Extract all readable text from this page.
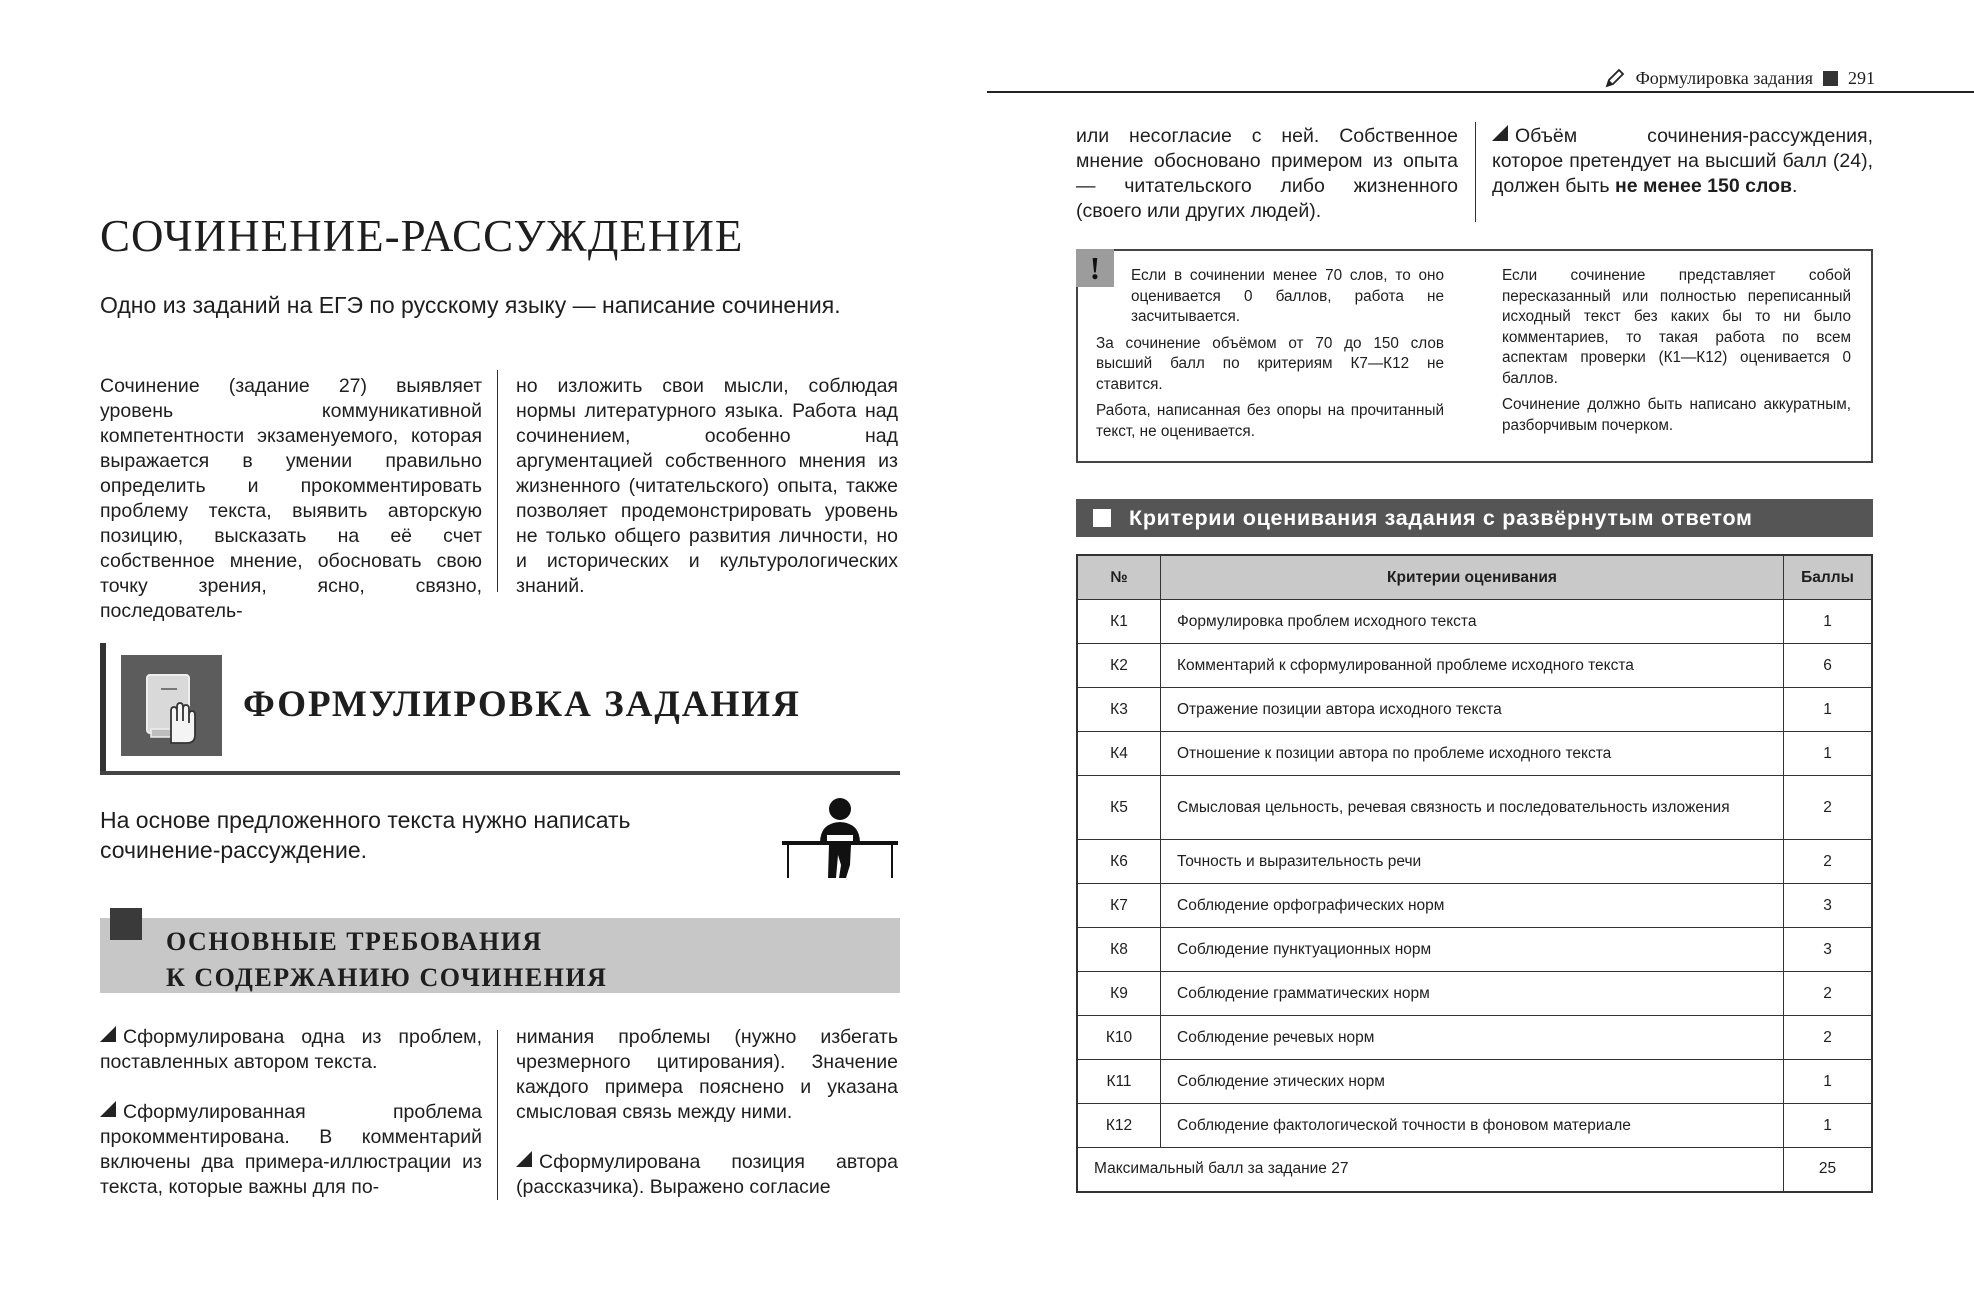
Формулировка задания 291
СОЧИНЕНИЕ-РАССУЖДЕНИЕ
Одно из заданий на ЕГЭ по русскому языку — написание сочинения.
Сочинение (задание 27) выявляет уровень коммуникативной компетентности экзаменуемого, которая выражается в умении правильно определить и прокомментировать проблему текста, выявить авторскую позицию, высказать на её счет собственное мнение, обосновать свою точку зрения, ясно, связно, последователь-
но изложить свои мысли, соблюдая нормы литературного языка. Работа над сочинением, особенно над аргументацией собственного мнения из жизненного (читательского) опыта, также позволяет продемонстрировать уровень не только общего развития личности, но и исторических и культурологических знаний.
ФОРМУЛИРОВКА ЗАДАНИЯ
На основе предложенного текста нужно написать сочинение-рассуждение.
ОСНОВНЫЕ ТРЕБОВАНИЯ
К СОДЕРЖАНИЮ СОЧИНЕНИЯ
Сформулирована одна из проблем, поставленных автором текста.
Сформулированная проблема прокомментирована. В комментарий включены два примера-иллюстрации из текста, которые важны для по-
нимания проблемы (нужно избегать чрезмерного цитирования). Значение каждого примера пояснено и указана смысловая связь между ними.
Сформулирована позиция автора (рассказчика). Выражено согласие
или несогласие с ней. Собственное мнение обосновано примером из опыта — читательского либо жизненного (своего или других людей).
Объём сочинения-рассуждения, которое претендует на высший балл (24), должен быть не менее 150 слов.
!	Если в сочинении менее 70 слов, то оно оценивается 0 баллов, работа не засчитывается.

За сочинение объёмом от 70 до 150 слов высший балл по критериям К7—К12 не ставится.

Работа, написанная без опоры на прочитанный текст, не оценивается.

Если сочинение представляет собой пересказанный или полностью переписанный исходный текст без каких бы то ни было комментариев, то такая работа по всем аспектам проверки (К1—К12) оценивается 0 баллов.

Сочинение должно быть написано аккуратным, разборчивым почерком.

Критерии оценивания задания с развёрнутым ответом
№	Критерии оценивания	Баллы
К1	Формулировка проблем исходного текста	1
К2	Комментарий к сформулированной проблеме исходного текста	6
К3	Отражение позиции автора исходного текста	1
К4	Отношение к позиции автора по проблеме исходного текста	1
К5	Смысловая цельность, речевая связность и последовательность изложения	2
К6	Точность и выразительность речи	2
К7	Соблюдение орфографических норм	3
К8	Соблюдение пунктуационных норм	3
К9	Соблюдение грамматических норм	2
К10	Соблюдение речевых норм	2
К11	Соблюдение этических норм	1
К12	Соблюдение фактологической точности в фоновом материале	1
Максимальный балл за задание 27		25
